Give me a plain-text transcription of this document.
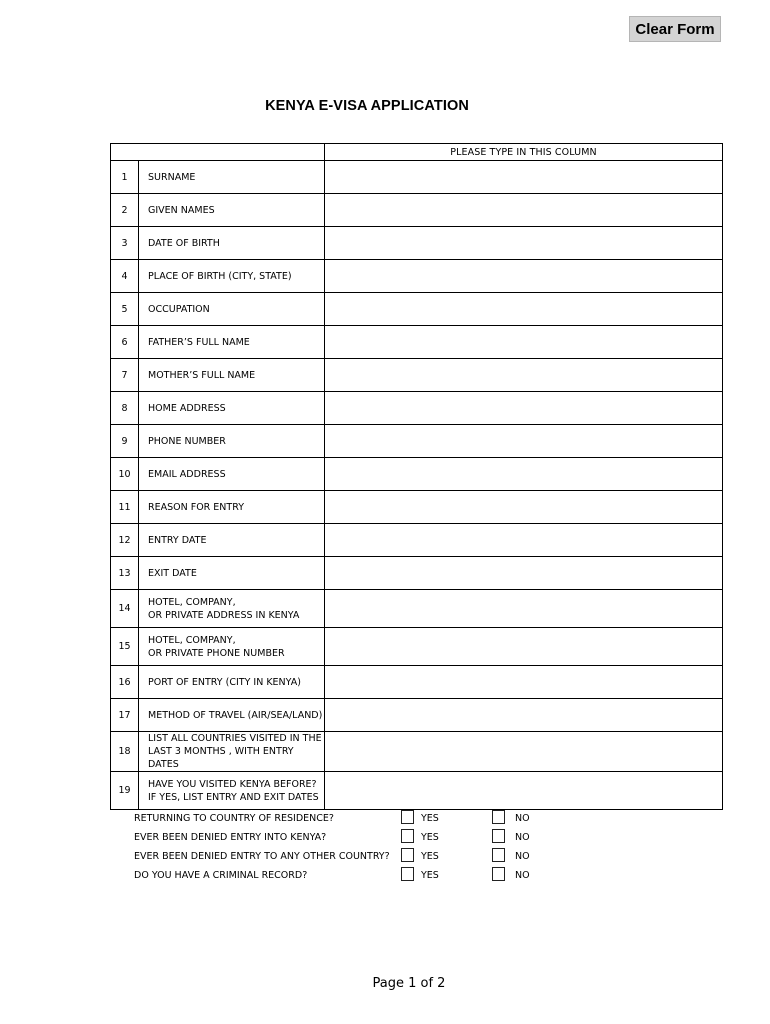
Clear Form
KENYA E-VISA APPLICATION
		PLEASE TYPE IN THIS COLUMN
1	SURNAME

2	GIVEN NAMES

3	DATE OF BIRTH

4	PLACE OF BIRTH (CITY, STATE)

5	OCCUPATION

6	FATHER’S FULL NAME

7	MOTHER’S FULL NAME

8	HOME ADDRESS

9	PHONE NUMBER

10	EMAIL ADDRESS

11	REASON FOR ENTRY

12	ENTRY DATE

13	EXIT DATE

14	HOTEL, COMPANY,
OR PRIVATE ADDRESS IN KENYA

15	HOTEL, COMPANY,
OR PRIVATE PHONE NUMBER

16	PORT OF ENTRY (CITY IN KENYA)

17	METHOD OF TRAVEL (AIR/SEA/LAND)

18	LIST ALL COUNTRIES VISITED IN THE
LAST 3 MONTHS , WITH ENTRY DATES

19	HAVE YOU VISITED KENYA BEFORE?
IF YES, LIST ENTRY AND EXIT DATES

RETURNING TO COUNTRY OF RESIDENCE?	YES	NO
EVER BEEN DENIED ENTRY INTO KENYA?	YES	NO
EVER BEEN DENIED ENTRY TO ANY OTHER COUNTRY?	YES	NO
DO YOU HAVE A CRIMINAL RECORD?	YES	NO
Page 1 of 2
